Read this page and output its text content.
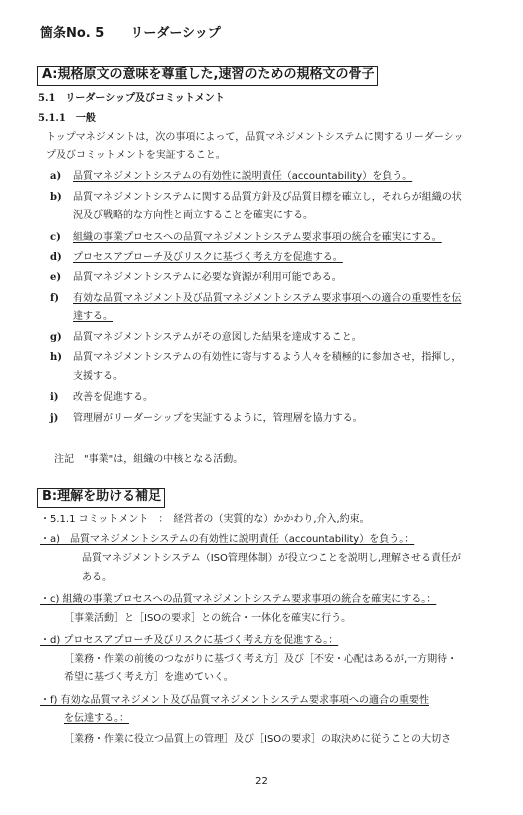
箇条No. 5　　リーダーシップ
A:規格原文の意味を尊重した,速習のための規格文の骨子
5.1　リーダーシップ及びコミットメント
5.1.1　一般
トップマネジメントは，次の事項によって，品質マネジメントシステムに関するリーダーシッ
プ及びコミットメントを実証すること。
a) 品質マネジメントシステムの有効性に説明責任（accountability）を負う。
b) 品質マネジメントシステムに関する品質方針及び品質目標を確立し，それらが組織の状
況及び戦略的な方向性と両立することを確実にする。
c) 組織の事業プロセスへの品質マネジメントシステム要求事項の統合を確実にする。
d) プロセスアプローチ及びリスクに基づく考え方を促進する。
e) 品質マネジメントシステムに必要な資源が利用可能である。
f) 有効な品質マネジメント及び品質マネジメントシステム要求事項への適合の重要性を伝
達する。
g) 品質マネジメントシステムがその意図した結果を達成すること。
h) 品質マネジメントシステムの有効性に寄与するよう人々を積極的に参加させ，指揮し，
支援する。
i) 改善を促進する。
j) 管理層がリーダーシップを実証するように，管理層を協力する。
注記　"事業"は，組織の中核となる活動。
B:理解を助ける補足
・5.1.1 コミットメント　：　経営者の（実質的な）かかわり,介入,約束。
・a)　品質マネジメントシステムの有効性に説明責任（accountability）を負う。：
品質マネジメントシステム（ISO管理体制）が役立つことを説明し,理解させる責任が
ある。
・c) 組織の事業プロセスへの品質マネジメントシステム要求事項の統合を確実にする。：
［事業活動］と［ISOの要求］との統合・一体化を確実に行う。
・d) プロセスアプローチ及びリスクに基づく考え方を促進する。：
［業務・作業の前後のつながりに基づく考え方］及び［不安・心配はあるが,一方期待・
希望に基づく考え方］を進めていく。
・f) 有効な品質マネジメント及び品質マネジメントシステム要求事項への適合の重要性
を伝達する。：
［業務・作業に役立つ品質上の管理］及び［ISOの要求］の取決めに従うことの大切さ
22
